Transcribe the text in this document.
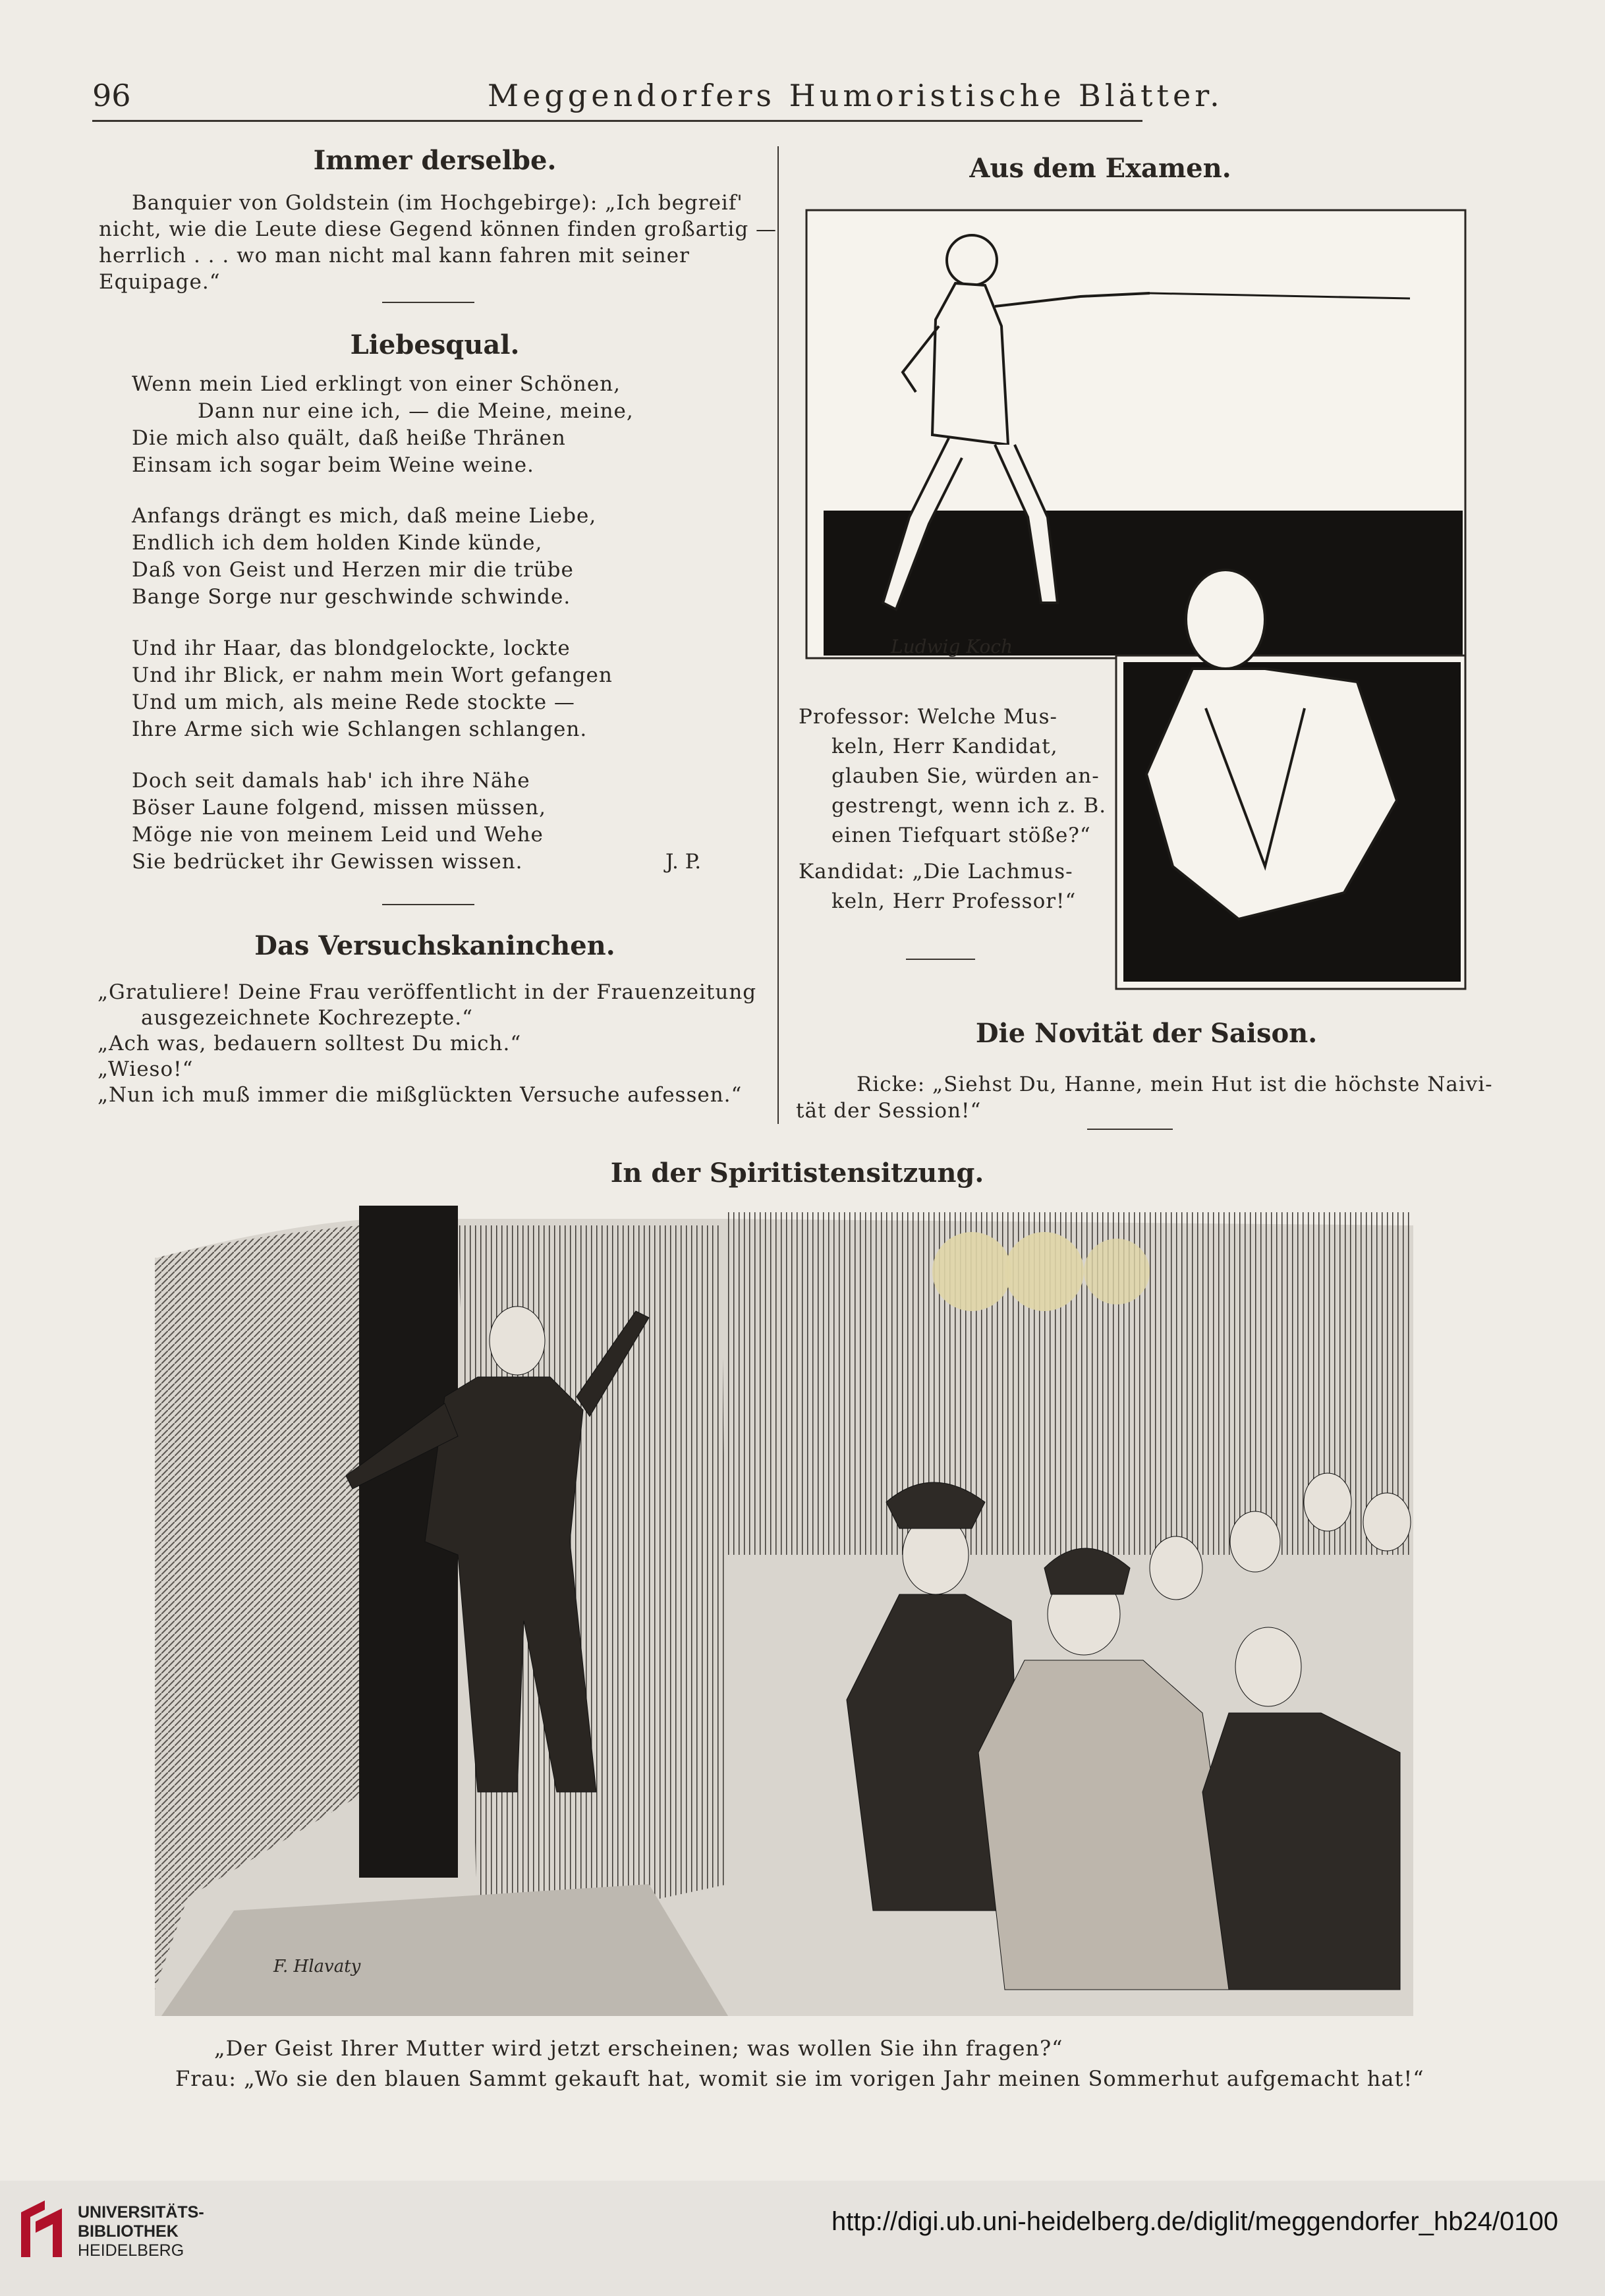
96	Meggendorfers Humoristische Blätter.
Immer derselbe.
Banquier von Goldstein (im Hochgebirge): „Ich begreif'
nicht, wie die Leute diese Gegend können finden großartig —
herrlich . . . wo man nicht mal kann fahren mit seiner
Equipage.“
Liebesqual.
Wenn mein Lied erklingt von einer Schönen,
Dann nur eine ich, — die Meine, meine,
Die mich also quält, daß heiße Thränen
Einsam ich sogar beim Weine weine.
Anfangs drängt es mich, daß meine Liebe,
Endlich ich dem holden Kinde künde,
Daß von Geist und Herzen mir die trübe
Bange Sorge nur geschwinde schwinde.
Und ihr Haar, das blondgelockte, lockte
Und ihr Blick, er nahm mein Wort gefangen
Und um mich, als meine Rede stockte —
Ihre Arme sich wie Schlangen schlangen.
Doch seit damals hab' ich ihre Nähe
Böser Laune folgend, missen müssen,
Möge nie von meinem Leid und Wehe
Sie bedrücket ihr Gewissen wissen.	J. P.
Das Versuchskaninchen.
„Gratuliere! Deine Frau veröffentlicht in der Frauenzeitung
ausgezeichnete Kochrezepte.“
„Ach was, bedauern solltest Du mich.“
„Wieso!“
„Nun ich muß immer die mißglückten Versuche aufessen.“
Aus dem Examen.
Ludwig Koch
Professor: Welche Mus-
keln, Herr Kandidat,
glauben Sie, würden an-
gestrengt, wenn ich z. B.
einen Tiefquart stöße?“
Kandidat: „Die Lachmus-
keln, Herr Professor!“
Die Novität der Saison.
Ricke: „Siehst Du, Hanne, mein Hut ist die höchste Naivi-
tät der Session!“
In der Spiritistensitzung.
F. Hlavaty
„Der Geist Ihrer Mutter wird jetzt erscheinen; was wollen Sie ihn fragen?“
Frau: „Wo sie den blauen Sammt gekauft hat, womit sie im vorigen Jahr meinen Sommerhut aufgemacht hat!“
UNIVERSITÄTS-
BIBLIOTHEK
HEIDELBERG
http://digi.ub.uni-heidelberg.de/diglit/meggendorfer_hb24/0100
